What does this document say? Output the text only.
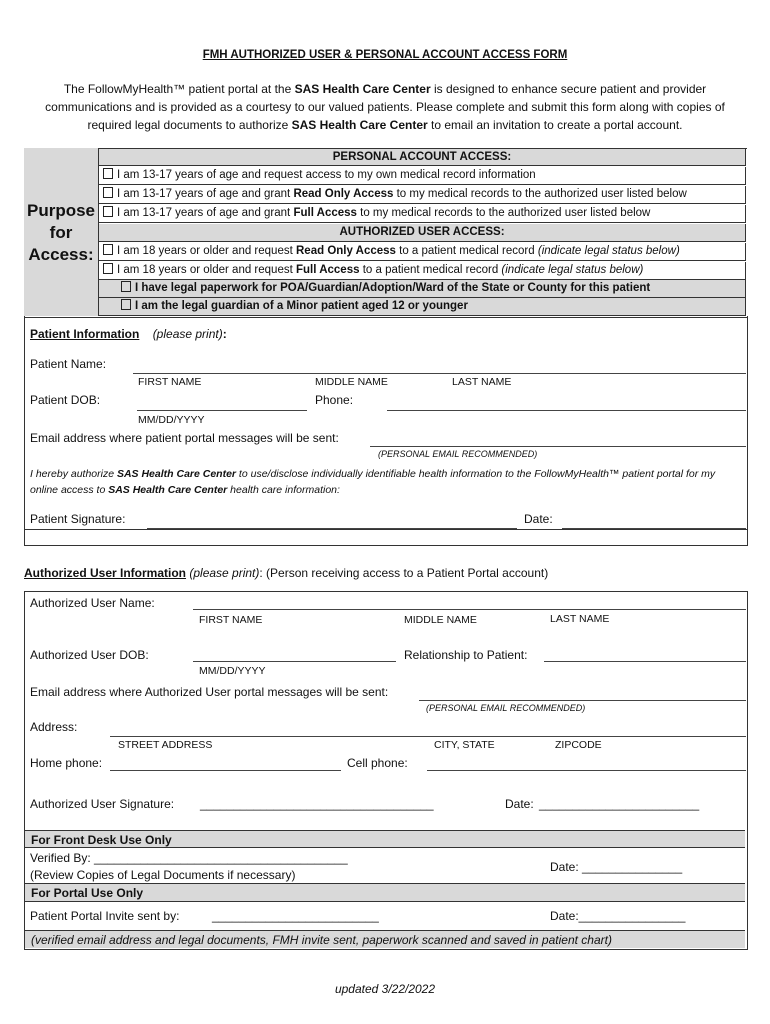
FMH AUTHORIZED USER & PERSONAL ACCOUNT ACCESS FORM
The FollowMyHealth™ patient portal at the SAS Health Care Center is designed to enhance secure patient and provider communications and is provided as a courtesy to our valued patients. Please complete and submit this form along with copies of required legal documents to authorize SAS Health Care Center to email an invitation to create a portal account.
Purpose
for
Access:
PERSONAL ACCOUNT ACCESS:
I am 13-17 years of age and request access to my own medical record information
I am 13-17 years of age and grant Read Only Access to my medical records to the authorized user listed below
I am 13-17 years of age and grant Full Access to my medical records to the authorized user listed below
AUTHORIZED USER ACCESS:
I am 18 years or older and request Read Only Access to a patient medical record (indicate legal status below)
I am 18 years or older and request Full Access to a patient medical record (indicate legal status below)
I have legal paperwork for POA/Guardian/Adoption/Ward of the State or County for this patient
I am the legal guardian of a Minor patient aged 12 or younger
Patient Information (please print):
Patient Name:
FIRST NAME	MIDDLE NAME	LAST NAME
Patient DOB:	Phone:
MM/DD/YYYY
Email address where patient portal messages will be sent:
(PERSONAL EMAIL RECOMMENDED)
I hereby authorize SAS Health Care Center to use/disclose individually identifiable health information to the FollowMyHealth™ patient portal for my online access to SAS Health Care Center health care information:
Patient Signature:	Date:
Authorized User Information (please print): (Person receiving access to a Patient Portal account)
Authorized User Name:
FIRST NAME	MIDDLE NAME	LAST NAME
Authorized User DOB:	Relationship to Patient:
MM/DD/YYYY
Email address where Authorized User portal messages will be sent:
(PERSONAL EMAIL RECOMMENDED)
Address:
STREET ADDRESS	CITY, STATE	ZIPCODE
Home phone:	Cell phone:
Authorized User Signature: ___________________________________	Date: ________________________
For Front Desk Use Only
Verified By: ______________________________________
(Review Copies of Legal Documents if necessary)
Date: _______________
For Portal Use Only
Patient Portal Invite sent by:	_________________________	Date:________________
(verified email address and legal documents, FMH invite sent, paperwork scanned and saved in patient chart)
updated 3/22/2022
